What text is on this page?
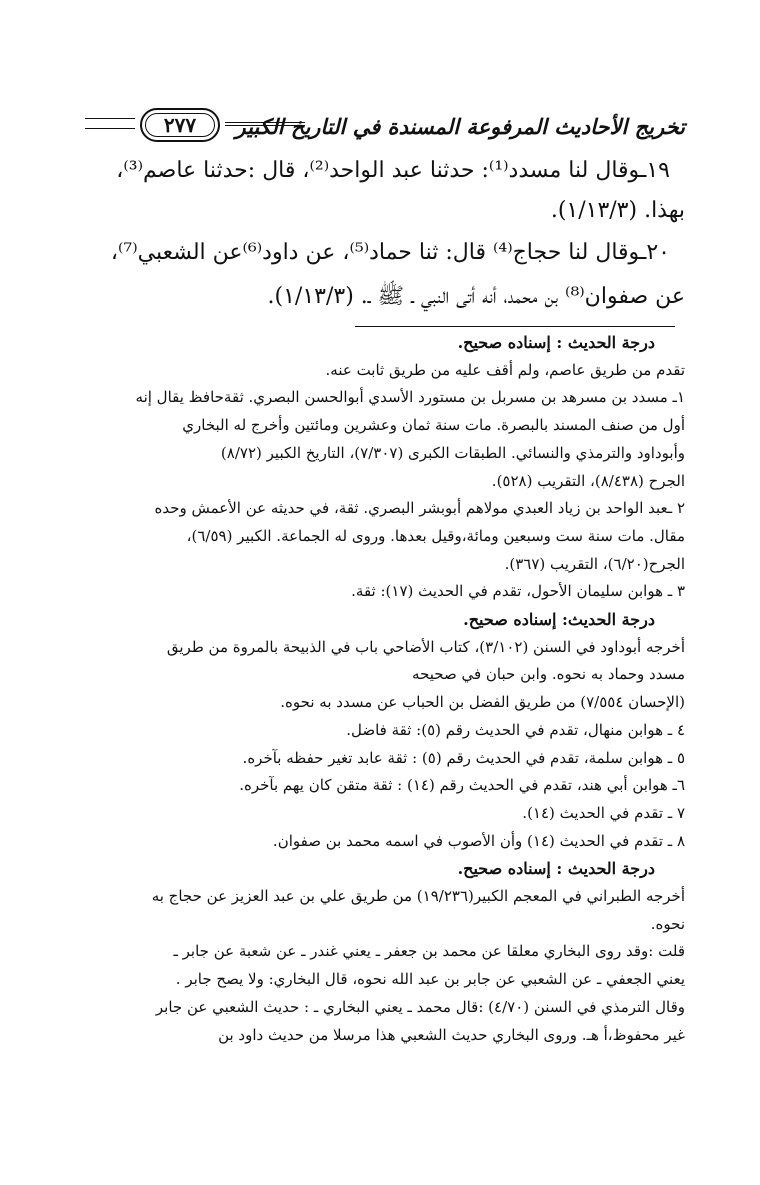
٢٧٧ تخريج الأحاديث المرفوعة المسندة في التاريخ الكبير
١٩ـوقال لنا مسدد⁽¹⁾: حدثنا عبد الواحد⁽²⁾، قال :حدثنا عاصم⁽³⁾،
بهذا. (١/١٣/٣).
٢٠ـوقال لنا حجاج⁽⁴⁾ قال: ثنا حماد⁽⁵⁾، عن داود⁽⁶⁾عن الشعبي⁽⁷⁾،
عن صفوان⁽⁸⁾ بن محمد، أنه أتى النبي ـ ﷺ ـ. (١/١٣/٣).
درجة الحديث : إسناده صحيح.
تقدم من طريق عاصم، ولم أقف عليه من طريق ثابت عنه.
١ـ مسدد بن مسرهد بن مسربل بن مستورد الأسدي أبوالحسن البصري. ثقةحافظ يقال إنه
أول من صنف المسند بالبصرة. مات سنة ثمان وعشرين ومائتين وأخرج له البخاري
وأبوداود والترمذي والنسائي. الطبقات الكبرى (٧/٣٠٧)، التاريخ الكبير (٨/٧٢)
الجرح (٨/٤٣٨)، التقريب (٥٢٨).
٢ ـعبد الواحد بن زياد العبدي مولاهم أبوبشر البصري. ثقة، في حديثه عن الأعمش وحده
مقال. مات سنة ست وسبعين ومائة،وقيل بعدها. وروى له الجماعة. الكبير (٦/٥٩)،
الجرح(٦/٢٠)، التقريب (٣٦٧).
٣ ـ هوابن سليمان الأحول، تقدم في الحديث (١٧): ثقة.
درجة الحديث: إسناده صحيح.
أخرجه أبوداود في السنن (٣/١٠٢)، كتاب الأضاحي باب في الذبيحة بالمروة من طريق
مسدد وحماد به نحوه. وابن حبان في صحيحه
(الإحسان ٧/٥٥٤) من طريق الفضل بن الحباب عن مسدد به نحوه.
٤ ـ هوابن منهال، تقدم في الحديث رقم (٥): ثقة فاضل.
٥ ـ هوابن سلمة، تقدم في الحديث رقم (٥) : ثقة عابد تغير حفظه بآخره.
٦ـ هوابن أبي هند، تقدم في الحديث رقم (١٤) : ثقة متقن كان يهم بآخره.
٧ ـ تقدم في الحديث (١٤).
٨ ـ تقدم في الحديث (١٤) وأن الأصوب في اسمه محمد بن صفوان.
درجة الحديث : إسناده صحيح.
أخرجه الطبراني في المعجم الكبير(١٩/٢٣٦) من طريق علي بن عبد العزيز عن حجاج به
نحوه.
قلت :وقد روى البخاري معلقا عن محمد بن جعفر ـ يعني غندر ـ عن شعبة عن جابر ـ
يعني الجعفي ـ عن الشعبي عن جابر بن عبد الله نحوه، قال البخاري: ولا يصح جابر .
وقال الترمذي في السنن (٤/٧٠) :قال محمد ـ يعني البخاري ـ : حديث الشعبي عن جابر
غير محفوظ،أ هـ. وروى البخاري حديث الشعبي هذا مرسلا من حديث داود بن
